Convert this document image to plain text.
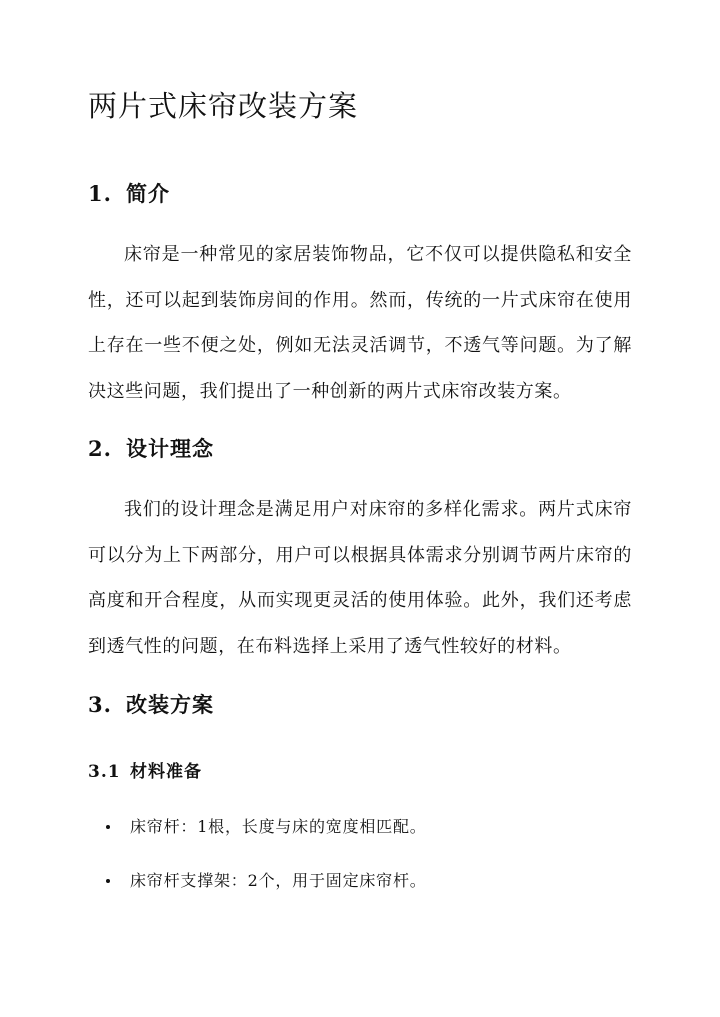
两片式床帘改装方案
1. 简介

床帘是一种常见的家居装饰物品，它不仅可以提供隐私和安全性，还可以起到装饰房间的作用。然而，传统的一片式床帘在使用上存在一些不便之处，例如无法灵活调节，不透气等问题。为了解决这些问题，我们提出了一种创新的两片式床帘改装方案。

2. 设计理念

我们的设计理念是满足用户对床帘的多样化需求。两片式床帘可以分为上下两部分，用户可以根据具体需求分别调节两片床帘的高度和开合程度，从而实现更灵活的使用体验。此外，我们还考虑到透气性的问题，在布料选择上采用了透气性较好的材料。

3. 改装方案
3.1 材料准备
床帘杆：1根，长度与床的宽度相匹配。
床帘杆支撑架：2个，用于固定床帘杆。
